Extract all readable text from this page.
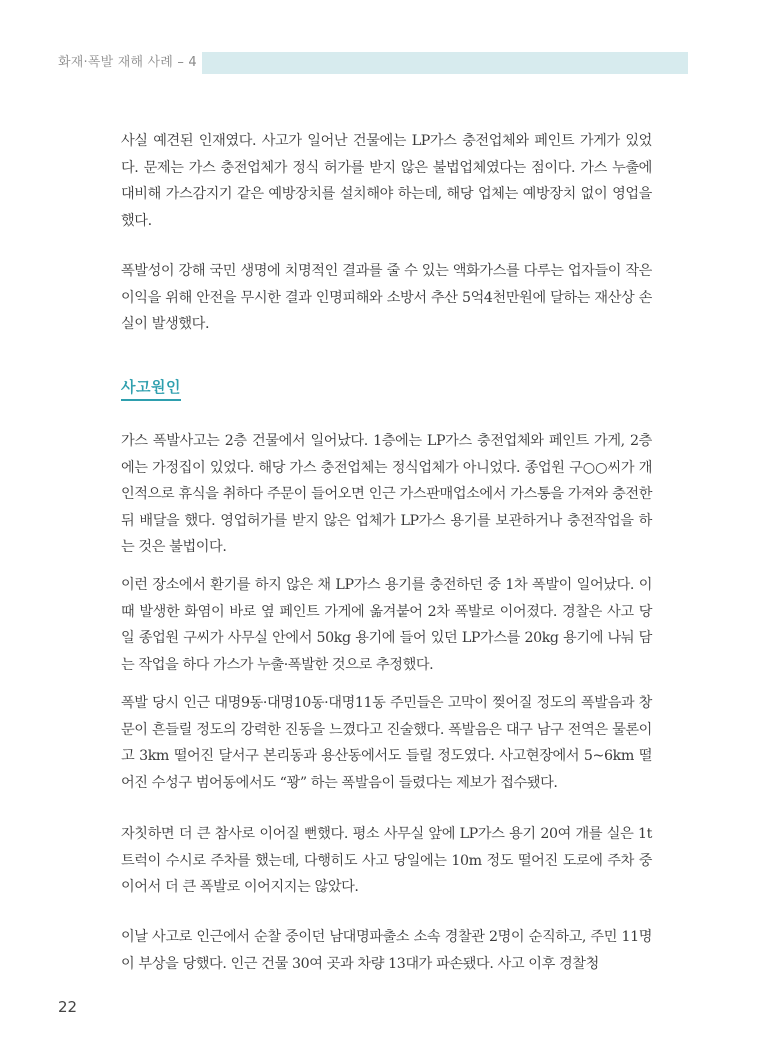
화재·폭발 재해 사례 – 4

사실 예견된 인재였다. 사고가 일어난 건물에는 LP가스 충전업체와 페인트 가게가 있었다. 문제는 가스 충전업체가 정식 허가를 받지 않은 불법업체였다는 점이다. 가스 누출에 대비해 가스감지기 같은 예방장치를 설치해야 하는데, 해당 업체는 예방장치 없이 영업을 했다.

폭발성이 강해 국민 생명에 치명적인 결과를 줄 수 있는 액화가스를 다루는 업자들이 작은 이익을 위해 안전을 무시한 결과 인명피해와 소방서 추산 5억4천만원에 달하는 재산상 손실이 발생했다.

사고원인

가스 폭발사고는 2층 건물에서 일어났다. 1층에는 LP가스 충전업체와 페인트 가게, 2층에는 가정집이 있었다. 해당 가스 충전업체는 정식업체가 아니었다. 종업원 구○○씨가 개인적으로 휴식을 취하다 주문이 들어오면 인근 가스판매업소에서 가스통을 가져와 충전한 뒤 배달을 했다. 영업허가를 받지 않은 업체가 LP가스 용기를 보관하거나 충전작업을 하는 것은 불법이다.

이런 장소에서 환기를 하지 않은 채 LP가스 용기를 충전하던 중 1차 폭발이 일어났다. 이때 발생한 화염이 바로 옆 페인트 가게에 옮겨붙어 2차 폭발로 이어졌다. 경찰은 사고 당일 종업원 구씨가 사무실 안에서 50kg 용기에 들어 있던 LP가스를 20kg 용기에 나눠 담는 작업을 하다 가스가 누출·폭발한 것으로 추정했다.

폭발 당시 인근 대명9동·대명10동·대명11동 주민들은 고막이 찢어질 정도의 폭발음과 창문이 흔들릴 정도의 강력한 진동을 느꼈다고 진술했다. 폭발음은 대구 남구 전역은 물론이고 3km 떨어진 달서구 본리동과 용산동에서도 들릴 정도였다. 사고현장에서 5~6km 떨어진 수성구 범어동에서도 “꽝” 하는 폭발음이 들렸다는 제보가 접수됐다.

자칫하면 더 큰 참사로 이어질 뻔했다. 평소 사무실 앞에 LP가스 용기 20여 개를 실은 1t 트럭이 수시로 주차를 했는데, 다행히도 사고 당일에는 10m 정도 떨어진 도로에 주차 중이어서 더 큰 폭발로 이어지지는 않았다.

이날 사고로 인근에서 순찰 중이던 남대명파출소 소속 경찰관 2명이 순직하고, 주민 11명이 부상을 당했다. 인근 건물 30여 곳과 차량 13대가 파손됐다. 사고 이후 경찰청

22
